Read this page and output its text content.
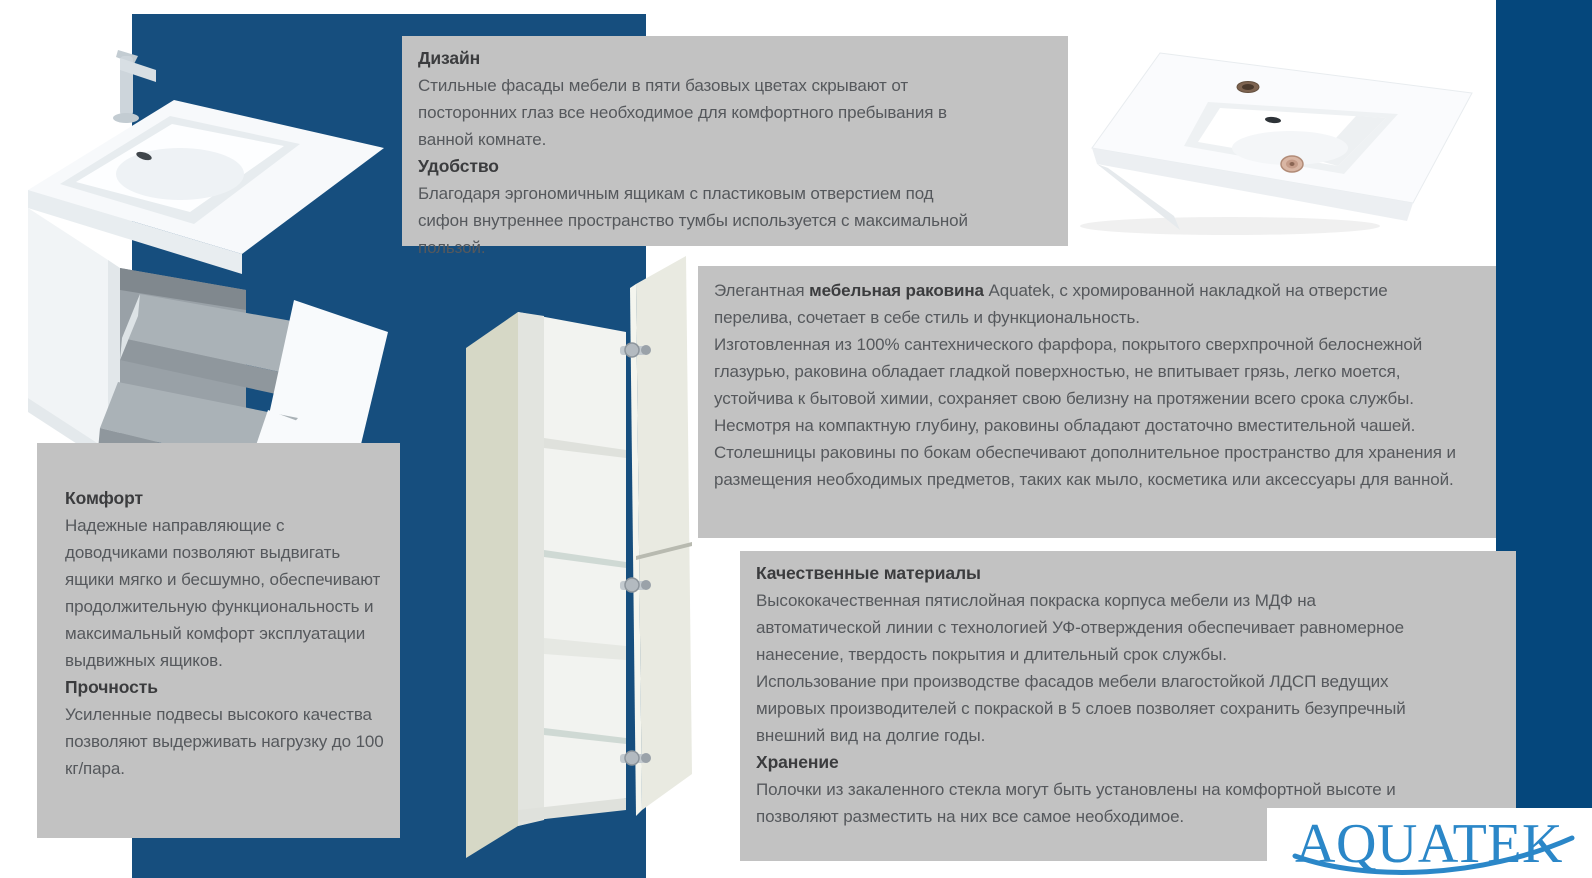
Дизайн

Стильные фасады мебели в пяти базовых цветах скрывают от посторонних глаз все необходимое для комфортного пребывания в ванной комнате.

Удобство

Благодаря эргономичным ящикам с пластиковым отверстием под сифон внутреннее пространство тумбы используется с максимальной пользой.

Комфорт

Надежные направляющие с доводчиками позволяют выдвигать ящики мягко и бесшумно, обеспечивают продолжительную функциональность и максимальный комфорт эксплуатации выдвижных ящиков.

Прочность

Усиленные подвесы высокого качества позволяют выдерживать нагрузку до 100 кг/пара.

Элегантная мебельная раковина Aquatek, с хромированной накладкой на отверстие перелива, сочетает в себе стиль и функциональность.

Изготовленная из 100% сантехнического фарфора, покрытого сверхпрочной белоснежной глазурью, раковина обладает гладкой поверхностью, не впитывает грязь, легко моется, устойчива к бытовой химии, сохраняет свою белизну на протяжении всего срока службы. Несмотря на компактную глубину, раковины обладают достаточно вместительной чашей.

Столешницы раковины по бокам обеспечивают дополнительное пространство для хранения и размещения необходимых предметов, таких как мыло, косметика или аксессуары для ванной.

Качественные материалы

Высококачественная пятислойная покраска корпуса мебели из МДФ на автоматической линии с технологией УФ-отверждения обеспечивает равномерное нанесение, твердость покрытия и длительный срок службы.

Использование при производстве фасадов мебели влагостойкой ЛДСП ведущих мировых производителей с покраской в 5 слоев позволяет сохранить безупречный внешний вид на долгие годы.

Хранение

Полочки из закаленного стекла могут быть установлены на комфортной высоте и позволяют разместить на них все самое необходимое.	AQUATEK
